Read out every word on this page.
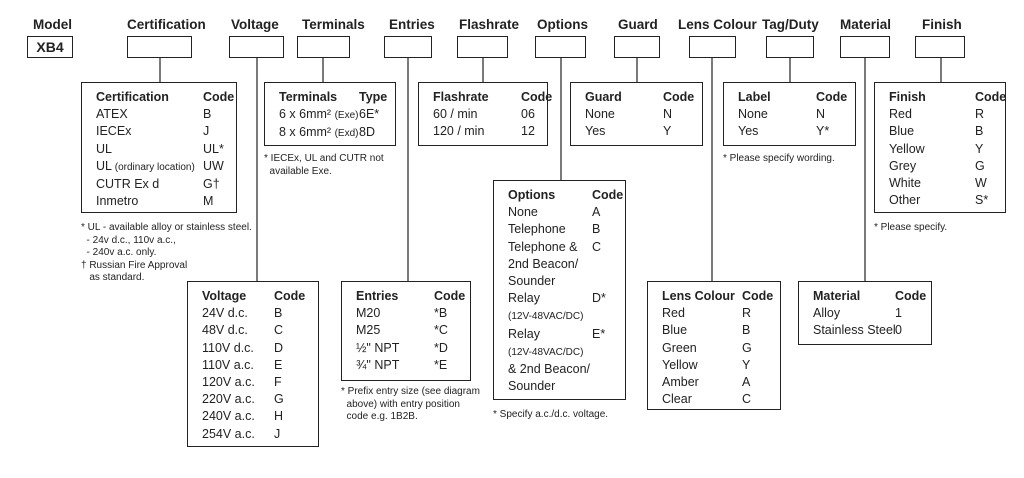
Model	Certification Voltage Terminals Entries Flashrate Options Guard Lens Colour Tag/Duty Material Finish
XB4
Certification	Code
ATEX	B
IECEx	J
UL	UL*
UL (ordinary location) UW
CUTR Ex d	G†
Inmetro	M
Voltage	Code
24V d.c.	B
48V d.c.	C
110V d.c.	D
110V a.c.	E
120V a.c.	F
220V a.c.	G
240V a.c.	H
254V a.c.	J
Terminals	Type
6 x 6mm² (Exe) 6E*
8 x 6mm² (Exd) 8D
Entries	Code
M20	*B
M25	*C
½" NPT	*D
¾" NPT	*E
Flashrate	Code
60 / min	06
120 / min	12
Options	Code
None	A
Telephone	B
Telephone &	C
2nd Beacon/
Sounder
Relay	D*
(12V-48VAC/DC)
Relay	E*
(12V-48VAC/DC)
& 2nd Beacon/
Sounder
Guard	Code
None	N
Yes	Y
Lens Colour Code
Red	R
Blue	B
Green	G
Yellow	Y
Amber	A
Clear	C
Label	Code
None	N
Yes	Y*
Material	Code
Alloy	1
Stainless Steel 0
Finish	Code
Red	R
Blue	B
Yellow	Y
Grey	G
White	W
Other	S*
* UL - available alloy or stainless steel.
- 24v d.c., 110v a.c.,
- 240v a.c. only.
† Russian Fire Approval
as standard.
* IECEx, UL and CUTR not
available Exe.
* Prefix entry size (see diagram
above) with entry position
code e.g. 1B2B.	* Specify a.c./d.c. voltage.
* Please specify wording.
* Please specify.
